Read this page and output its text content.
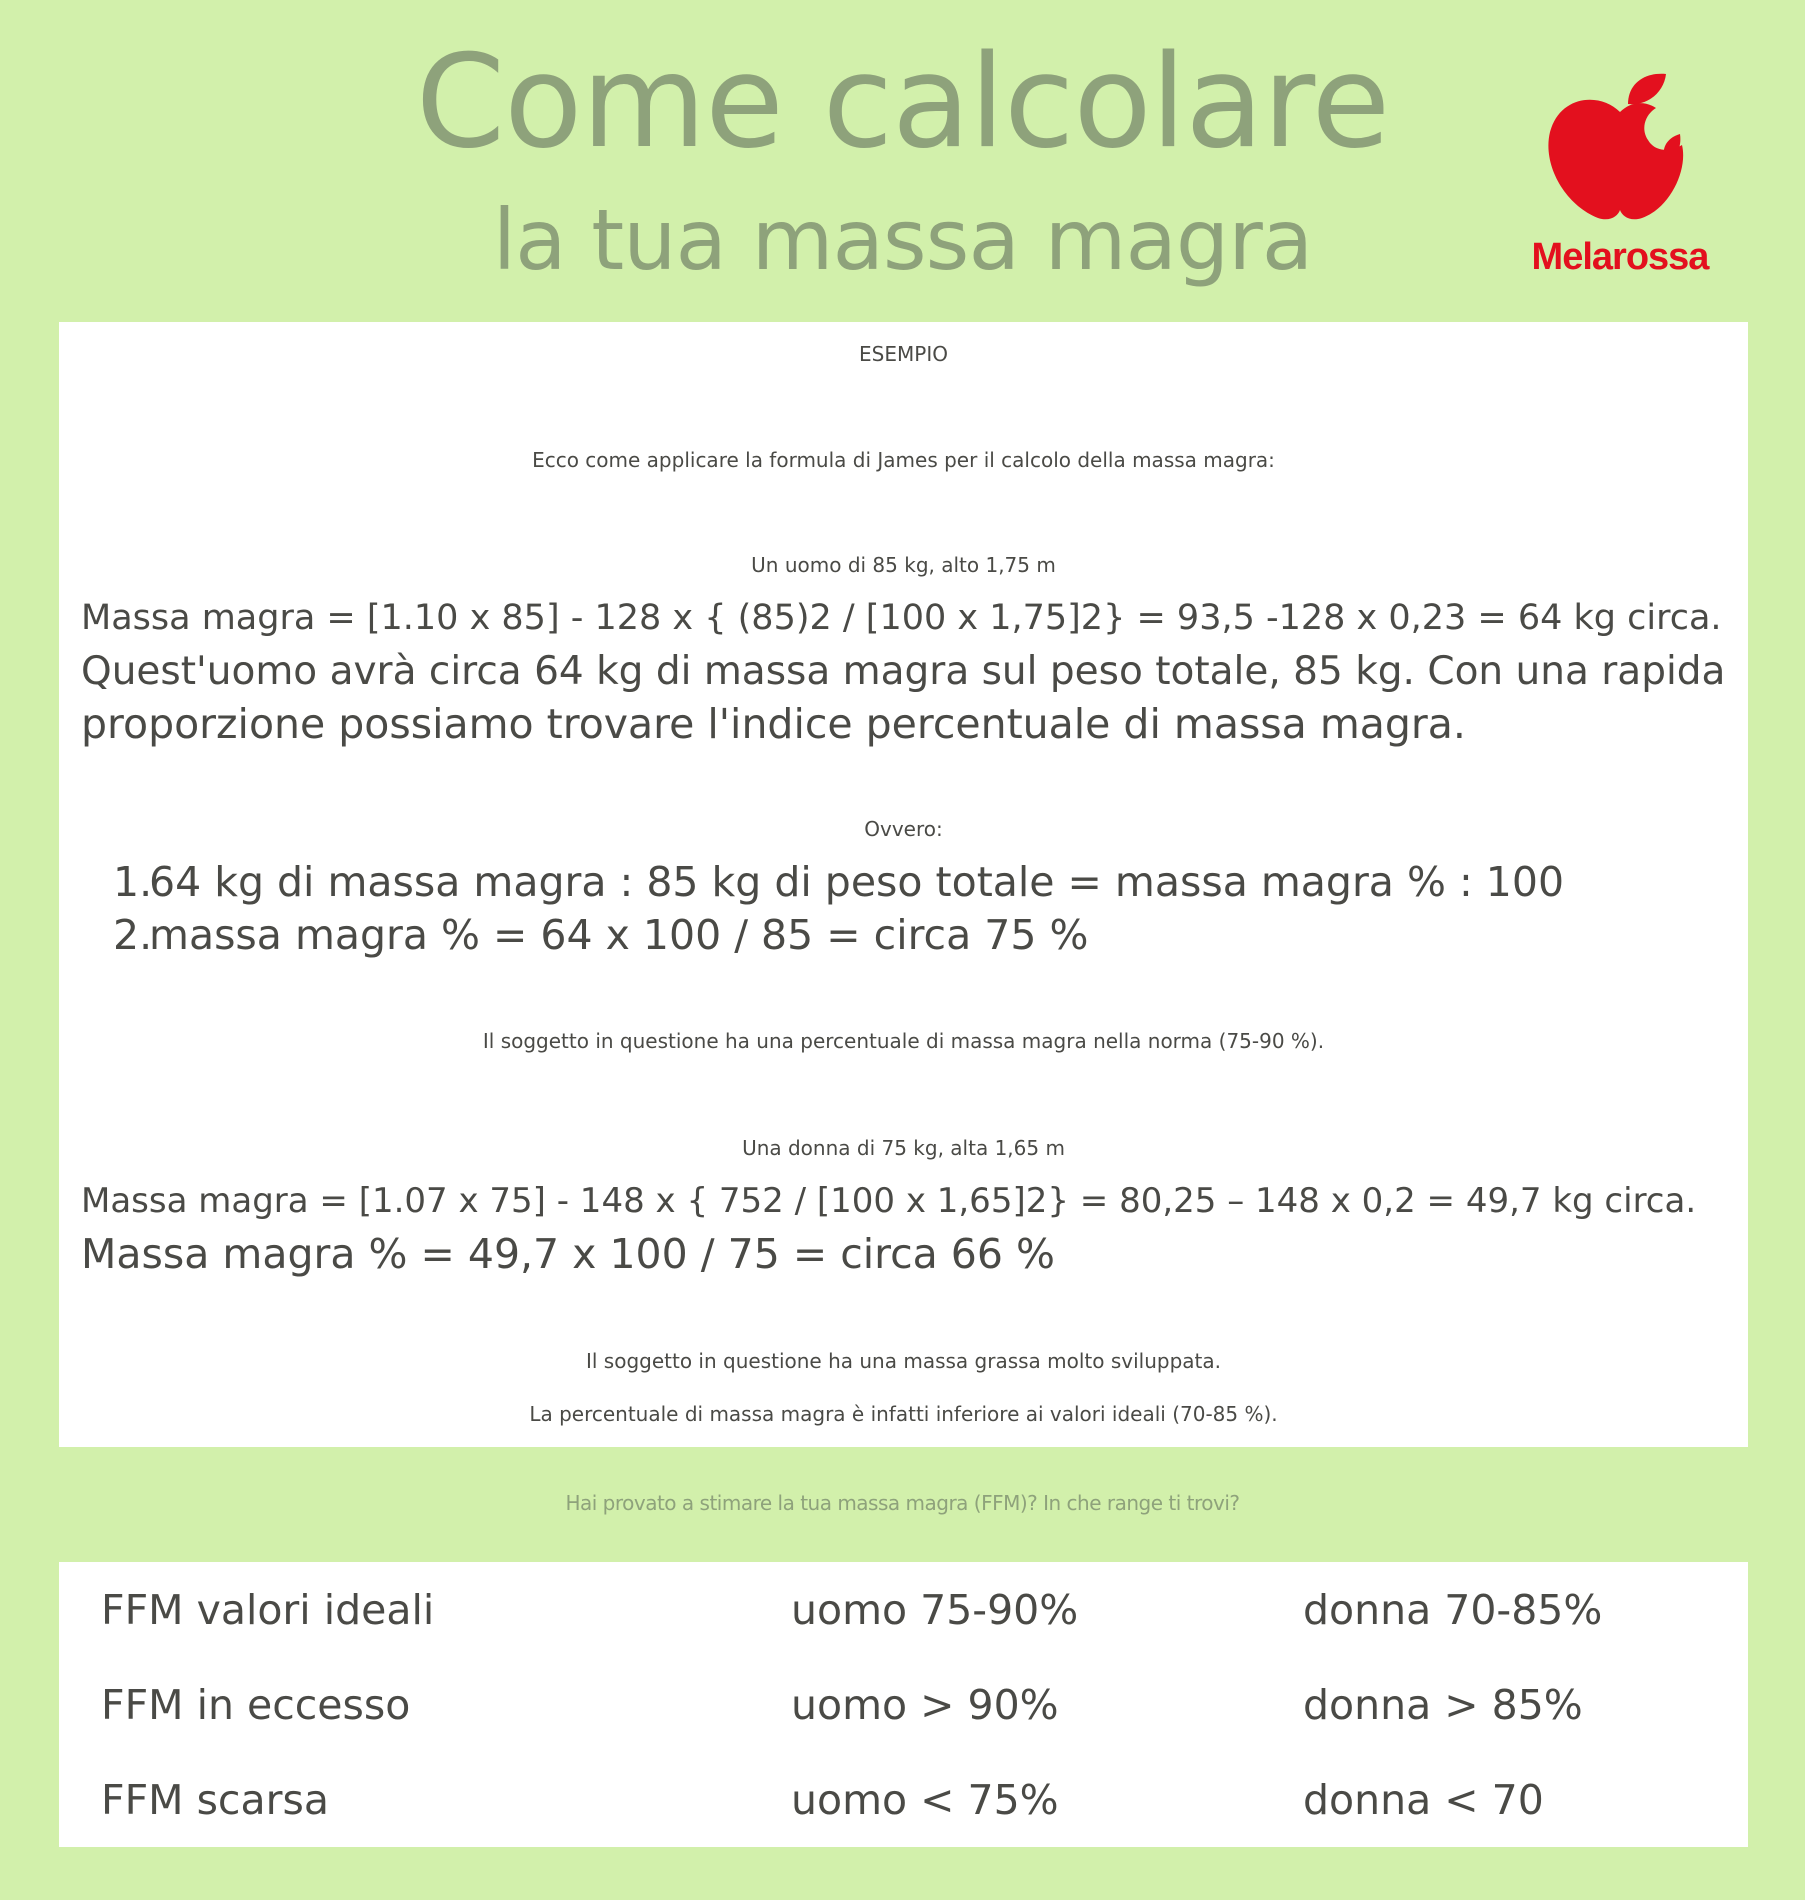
Come calcolare
la tua massa magra	Melarossa
ESEMPIO
Ecco come applicare la formula di James per il calcolo della massa magra:
Un uomo di 85 kg, alto 1,75 m
Massa magra = [1.10 x 85] - 128 x { (85)2 / [100 x 1,75]2} = 93,5 -128 x 0,23 = 64 kg circa.
Quest'uomo avrà circa 64 kg di massa magra sul peso totale, 85 kg. Con una rapida
proporzione possiamo trovare l'indice percentuale di massa magra.
Ovvero:
1.
64 kg di massa magra : 85 kg di peso totale = massa magra % : 100
2.
massa magra % = 64 x 100 / 85 = circa 75 %
Il soggetto in questione ha una percentuale di massa magra nella norma (75-90 %).
Una donna di 75 kg, alta 1,65 m
Massa magra = [1.07 x 75] - 148 x { 752 / [100 x 1,65]2} = 80,25 – 148 x 0,2 = 49,7 kg circa.
Massa magra % = 49,7 x 100 / 75 = circa 66 %
Il soggetto in questione ha una massa grassa molto sviluppata.
La percentuale di massa magra è infatti inferiore ai valori ideali (70-85 %).
Hai provato a stimare la tua massa magra (FFM)? In che range ti trovi?
FFM valori ideali	uomo 75-90%	donna 70-85%
FFM in eccesso	uomo > 90%	donna > 85%
FFM scarsa	uomo < 75%	donna < 70
